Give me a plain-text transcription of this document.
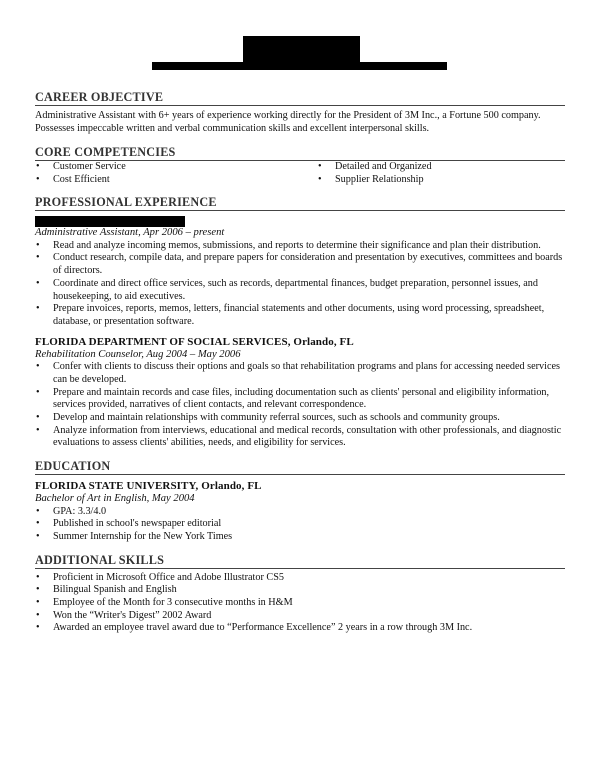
CAREER OBJECTIVE

Administrative Assistant with 6+ years of experience working directly for the President of 3M Inc., a Fortune 500 company. Possesses impeccable written and verbal communication skills and excellent interpersonal skills.

CORE COMPETENCIES
• Customer Service	• Detailed and Organized
• Cost Efficient	• Supplier Relationship
PROFESSIONAL EXPERIENCE
Administrative Assistant, Apr 2006 – present
• Read and analyze incoming memos, submissions, and reports to determine their significance and plan their distribution.
• Conduct research, compile data, and prepare papers for consideration and presentation by executives, committees and boards of directors.
• Coordinate and direct office services, such as records, departmental finances, budget preparation, personnel issues, and housekeeping, to aid executives.
• Prepare invoices, reports, memos, letters, financial statements and other documents, using word processing, spreadsheet, database, or presentation software.
FLORIDA DEPARTMENT OF SOCIAL SERVICES, Orlando, FL
Rehabilitation Counselor, Aug 2004 – May 2006
• Confer with clients to discuss their options and goals so that rehabilitation programs and plans for accessing needed services can be developed.
• Prepare and maintain records and case files, including documentation such as clients' personal and eligibility information, services provided, narratives of client contacts, and relevant correspondence.
• Develop and maintain relationships with community referral sources, such as schools and community groups.
• Analyze information from interviews, educational and medical records, consultation with other professionals, and diagnostic evaluations to assess clients' abilities, needs, and eligibility for services.
EDUCATION
FLORIDA STATE UNIVERSITY, Orlando, FL
Bachelor of Art in English, May 2004
• GPA: 3.3/4.0
• Published in school's newspaper editorial
• Summer Internship for the New York Times
ADDITIONAL SKILLS
• Proficient in Microsoft Office and Adobe Illustrator CS5
• Bilingual Spanish and English
• Employee of the Month for 3 consecutive months in H&M
• Won the “Writer's Digest” 2002 Award
• Awarded an employee travel award due to “Performance Excellence” 2 years in a row through 3M Inc.
